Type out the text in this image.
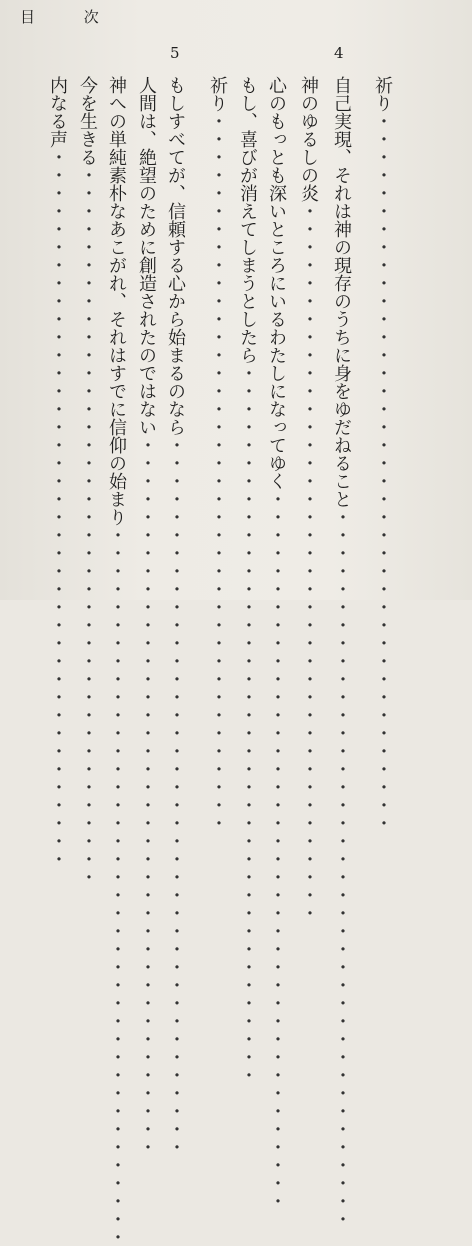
目 次
4
5
祈り・・・・・・・・・・・・・・・・・・・・・・・・・・・・・・・・・・・・・・・・
自己実現、それは神の現存のうちに身をゆだねること・・・・・・・・・・・・・・・・・・・・・・・・・・・・・・・・・・・・・・・・
神のゆるしの炎・・・・・・・・・・・・・・・・・・・・・・・・・・・・・・・・・・・・・・・・
心のもっとも深いところにいるわたしになってゆく・・・・・・・・・・・・・・・・・・・・・・・・・・・・・・・・・・・・・・・・
もし、喜びが消えてしまうとしたら・・・・・・・・・・・・・・・・・・・・・・・・・・・・・・・・・・・・・・・・
祈り・・・・・・・・・・・・・・・・・・・・・・・・・・・・・・・・・・・・・・・・
もしすべてが、信頼する心から始まるのなら・・・・・・・・・・・・・・・・・・・・・・・・・・・・・・・・・・・・・・・・
人間は、絶望のために創造されたのではない・・・・・・・・・・・・・・・・・・・・・・・・・・・・・・・・・・・・・・・・
神への単純素朴なあこがれ、それはすでに信仰の始まり・・・・・・・・・・・・・・・・・・・・・・・・・・・・・・・・・・・・・・・・
今を生きる・・・・・・・・・・・・・・・・・・・・・・・・・・・・・・・・・・・・・・・・
内なる声・・・・・・・・・・・・・・・・・・・・・・・・・・・・・・・・・・・・・・・・
